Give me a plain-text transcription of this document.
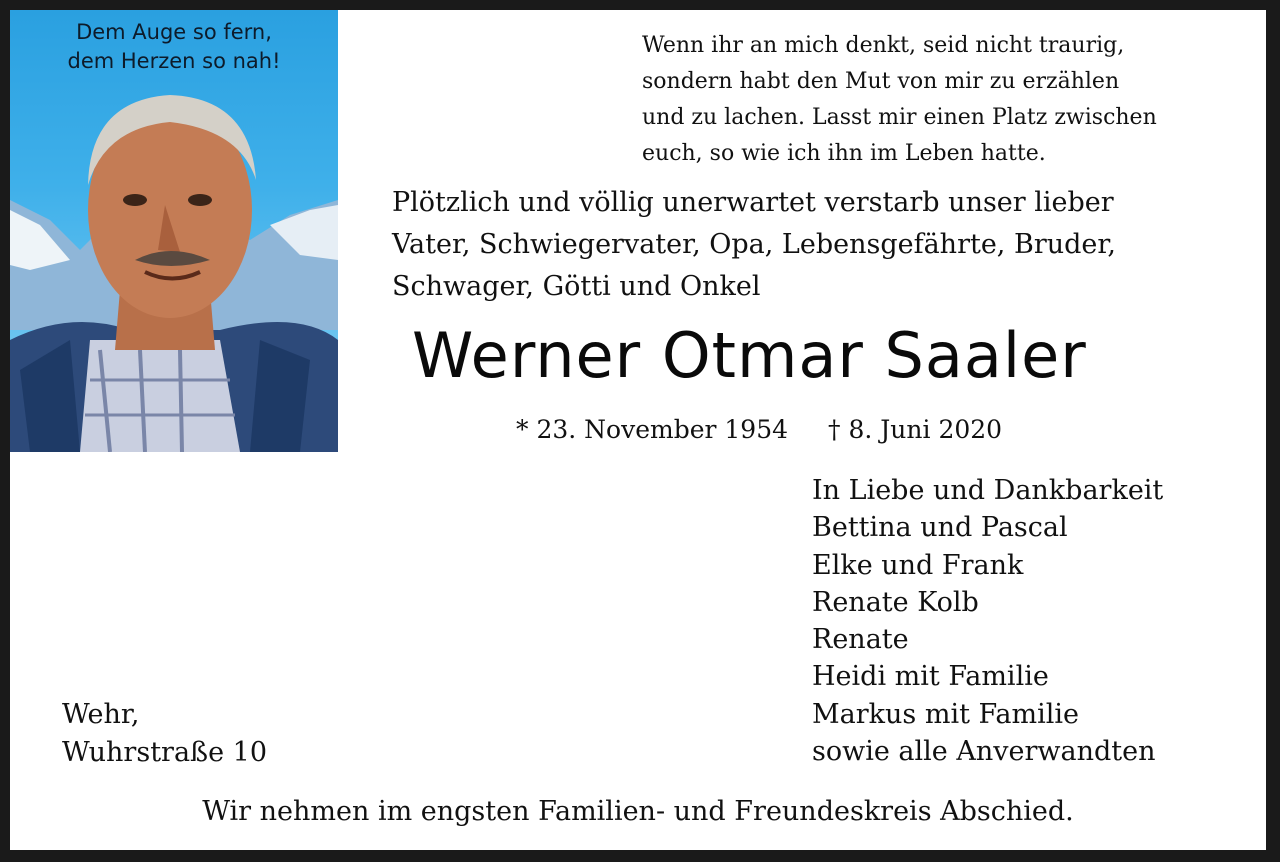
Dem Auge so fern,
dem Herzen so nah!
Wenn ihr an mich denkt, seid nicht traurig,
sondern habt den Mut von mir zu erzählen
und zu lachen. Lasst mir einen Platz zwischen
euch, so wie ich ihn im Leben hatte.
Plötzlich und völlig unerwartet verstarb unser lieber
Vater, Schwiegervater, Opa, Lebensgefährte, Bruder,
Schwager, Götti und Onkel
Werner Otmar Saaler
* 23. November 1954 † 8. Juni 2020
In Liebe und Dankbarkeit
Bettina und Pascal
Elke und Frank
Renate Kolb
Renate
Heidi mit Familie
Markus mit Familie
sowie alle Anverwandten
Wehr,
Wuhrstraße 10
Wir nehmen im engsten Familien- und Freundeskreis Abschied.
